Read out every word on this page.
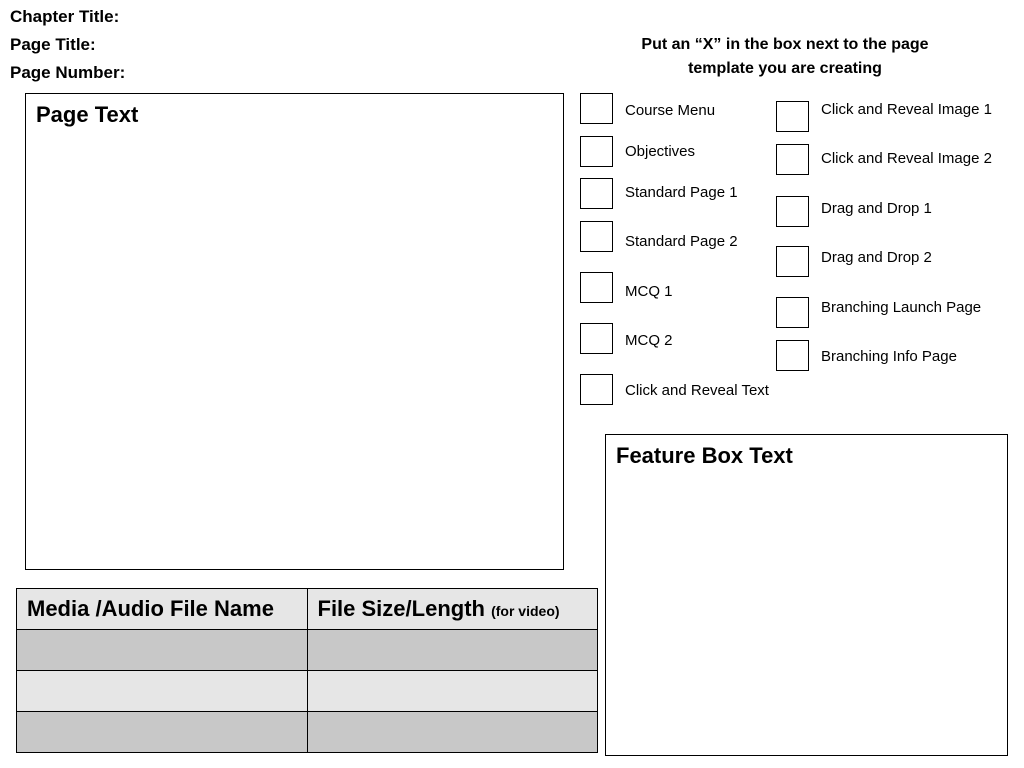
Chapter Title:
Page Title:
Page Number:
Page Text
Put an “X” in the box next to the page
template you are creating
Course Menu
Objectives
Standard Page 1
Standard Page 2
MCQ 1
MCQ 2
Click and Reveal Text
Click and Reveal Image 1
Click and Reveal Image 2
Drag and Drop 1
Drag and Drop 2
Branching Launch Page
Branching Info Page
Feature Box Text
Media /Audio File Name	File Size/Length (for video)
